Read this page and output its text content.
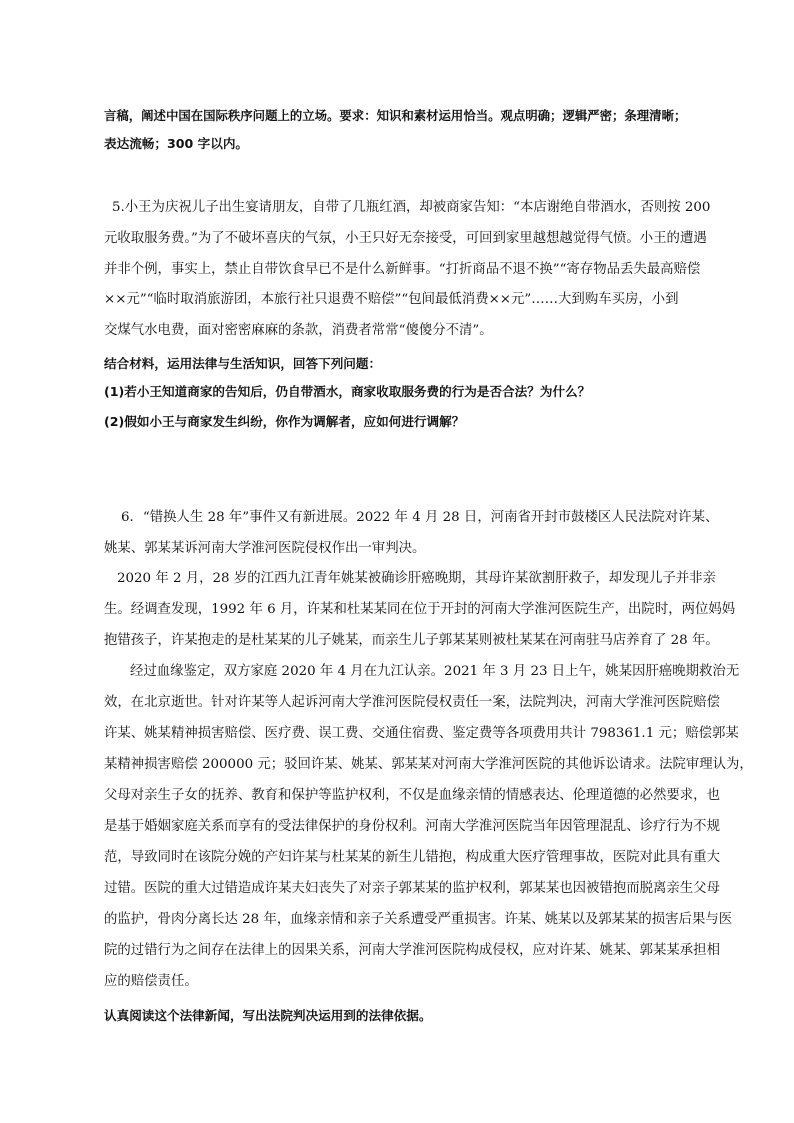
言稿，阐述中国在国际秩序问题上的立场。要求：知识和素材运用恰当。观点明确；逻辑严密；条理清晰；
表达流畅；300 字以内。
5.小王为庆祝儿子出生宴请朋友，自带了几瓶红酒，却被商家告知：“本店谢绝自带酒水，否则按 200
元收取服务费。”为了不破坏喜庆的气氛，小王只好无奈接受，可回到家里越想越觉得气愤。小王的遭遇
并非个例，事实上，禁止自带饮食早已不是什么新鲜事。“打折商品不退不换”“寄存物品丢失最高赔偿
××元”“临时取消旅游团，本旅行社只退费不赔偿”“包间最低消费××元”……大到购车买房，小到
交煤气水电费，面对密密麻麻的条款，消费者常常“傻傻分不清”。
结合材料，运用法律与生活知识，回答下列问题：
(1)若小王知道商家的告知后，仍自带酒水，商家收取服务费的行为是否合法？为什么？
(2)假如小王与商家发生纠纷，你作为调解者，应如何进行调解？
6．“错换人生 28 年”事件又有新进展。2022 年 4 月 28 日，河南省开封市鼓楼区人民法院对许某、
姚某、郭某某诉河南大学淮河医院侵权作出一审判决。
2020 年 2 月，28 岁的江西九江青年姚某被确诊肝癌晚期，其母许某欲割肝救子，却发现儿子并非亲
生。经调查发现，1992 年 6 月，许某和杜某某同在位于开封的河南大学淮河医院生产，出院时，两位妈妈
抱错孩子，许某抱走的是杜某某的儿子姚某，而亲生儿子郭某某则被杜某某在河南驻马店养育了 28 年。
经过血缘鉴定，双方家庭 2020 年 4 月在九江认亲。2021 年 3 月 23 日上午，姚某因肝癌晚期救治无
效，在北京逝世。针对许某等人起诉河南大学淮河医院侵权责任一案，法院判决，河南大学淮河医院赔偿
许某、姚某精神损害赔偿、医疗费、误工费、交通住宿费、鉴定费等各项费用共计 798361.1 元；赔偿郭某
某精神损害赔偿 200000 元；驳回许某、姚某、郭某某对河南大学淮河医院的其他诉讼请求。法院审理认为，
父母对亲生子女的抚养、教育和保护等监护权利，不仅是血缘亲情的情感表达、伦理道德的必然要求，也
是基于婚姻家庭关系而享有的受法律保护的身份权利。河南大学淮河医院当年因管理混乱、诊疗行为不规
范，导致同时在该院分娩的产妇许某与杜某某的新生儿错抱，构成重大医疗管理事故，医院对此具有重大
过错。医院的重大过错造成许某夫妇丧失了对亲子郭某某的监护权利，郭某某也因被错抱而脱离亲生父母
的监护，骨肉分离长达 28 年，血缘亲情和亲子关系遭受严重损害。许某、姚某以及郭某某的损害后果与医
院的过错行为之间存在法律上的因果关系，河南大学淮河医院构成侵权，应对许某、姚某、郭某某承担相
应的赔偿责任。
认真阅读这个法律新闻，写出法院判决运用到的法律依据。
